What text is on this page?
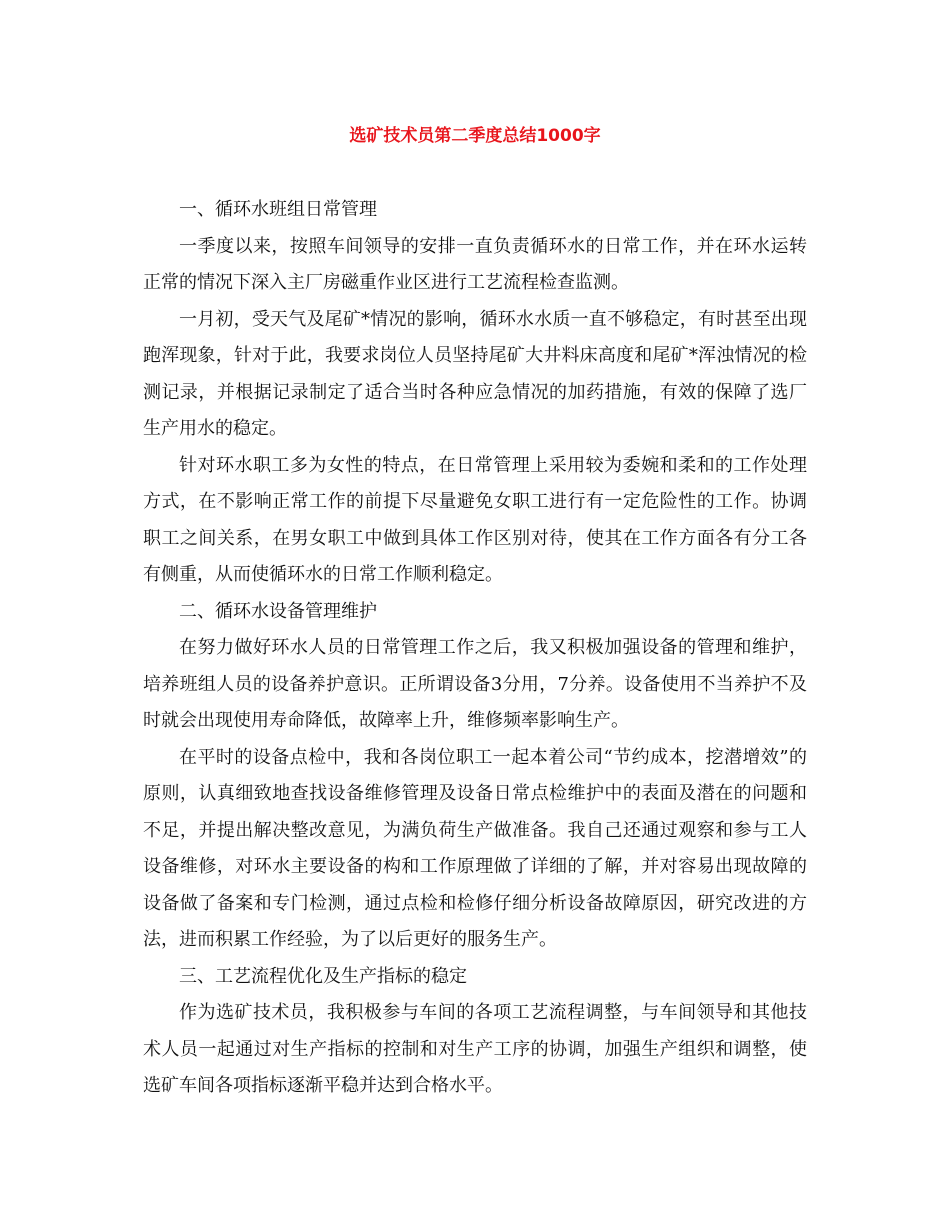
选矿技术员第二季度总结1000字

一、循环水班组日常管理

一季度以来，按照车间领导的安排一直负责循环水的日常工作，并在环水运转正常的情况下深入主厂房磁重作业区进行工艺流程检查监测。

一月初，受天气及尾矿*情况的影响，循环水水质一直不够稳定，有时甚至出现跑浑现象，针对于此，我要求岗位人员坚持尾矿大井料床高度和尾矿*浑浊情况的检测记录，并根据记录制定了适合当时各种应急情况的加药措施，有效的保障了选厂生产用水的稳定。

针对环水职工多为女性的特点，在日常管理上采用较为委婉和柔和的工作处理方式，在不影响正常工作的前提下尽量避免女职工进行有一定危险性的工作。协调职工之间关系，在男女职工中做到具体工作区别对待，使其在工作方面各有分工各有侧重，从而使循环水的日常工作顺利稳定。

二、循环水设备管理维护

在努力做好环水人员的日常管理工作之后，我又积极加强设备的管理和维护，培养班组人员的设备养护意识。正所谓设备3分用，7分养。设备使用不当养护不及时就会出现使用寿命降低，故障率上升，维修频率影响生产。

在平时的设备点检中，我和各岗位职工一起本着公司“节约成本，挖潜增效”的原则，认真细致地查找设备维修管理及设备日常点检维护中的表面及潜在的问题和不足，并提出解决整改意见，为满负荷生产做准备。我自己还通过观察和参与工人设备维修，对环水主要设备的构和工作原理做了详细的了解，并对容易出现故障的设备做了备案和专门检测，通过点检和检修仔细分析设备故障原因，研究改进的方法，进而积累工作经验，为了以后更好的服务生产。

三、工艺流程优化及生产指标的稳定

作为选矿技术员，我积极参与车间的各项工艺流程调整，与车间领导和其他技术人员一起通过对生产指标的控制和对生产工序的协调，加强生产组织和调整，使选矿车间各项指标逐渐平稳并达到合格水平。
